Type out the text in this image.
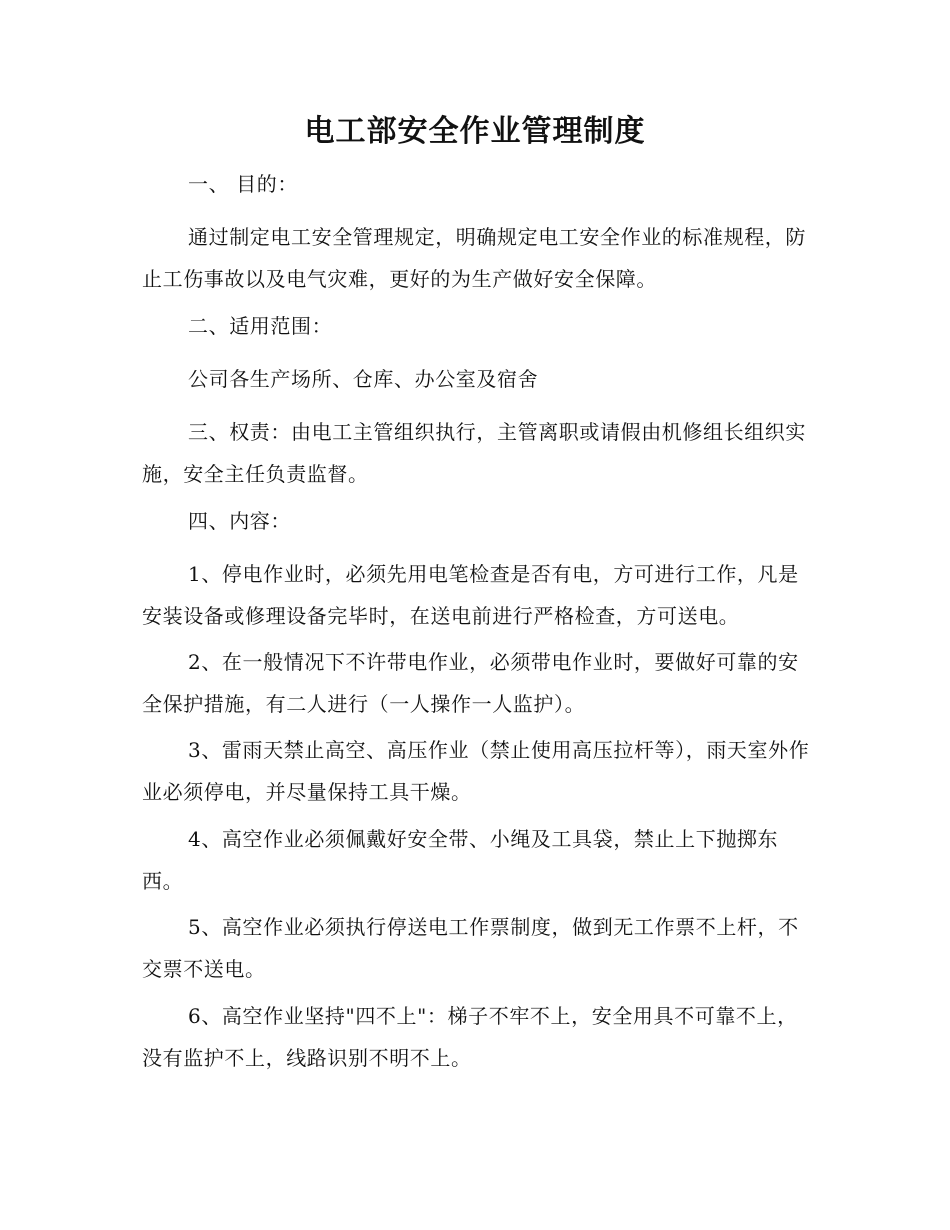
电工部安全作业管理制度
一、 目的：
通过制定电工安全管理规定，明确规定电工安全作业的标准规程，防止工伤事故以及电气灾难，更好的为生产做好安全保障。
二、适用范围：
公司各生产场所、仓库、办公室及宿舍
三、权责：由电工主管组织执行，主管离职或请假由机修组长组织实施，安全主任负责监督。
四、内容：
1、停电作业时，必须先用电笔检查是否有电，方可进行工作，凡是安装设备或修理设备完毕时，在送电前进行严格检查，方可送电。
2、在一般情况下不许带电作业，必须带电作业时，要做好可靠的安全保护措施，有二人进行（一人操作一人监护）。
3、雷雨天禁止高空、高压作业（禁止使用高压拉杆等），雨天室外作业必须停电，并尽量保持工具干燥。
4、高空作业必须佩戴好安全带、小绳及工具袋，禁止上下抛掷东西。
5、高空作业必须执行停送电工作票制度，做到无工作票不上杆，不交票不送电。
6、高空作业坚持"四不上"：梯子不牢不上，安全用具不可靠不上，没有监护不上，线路识别不明不上。
